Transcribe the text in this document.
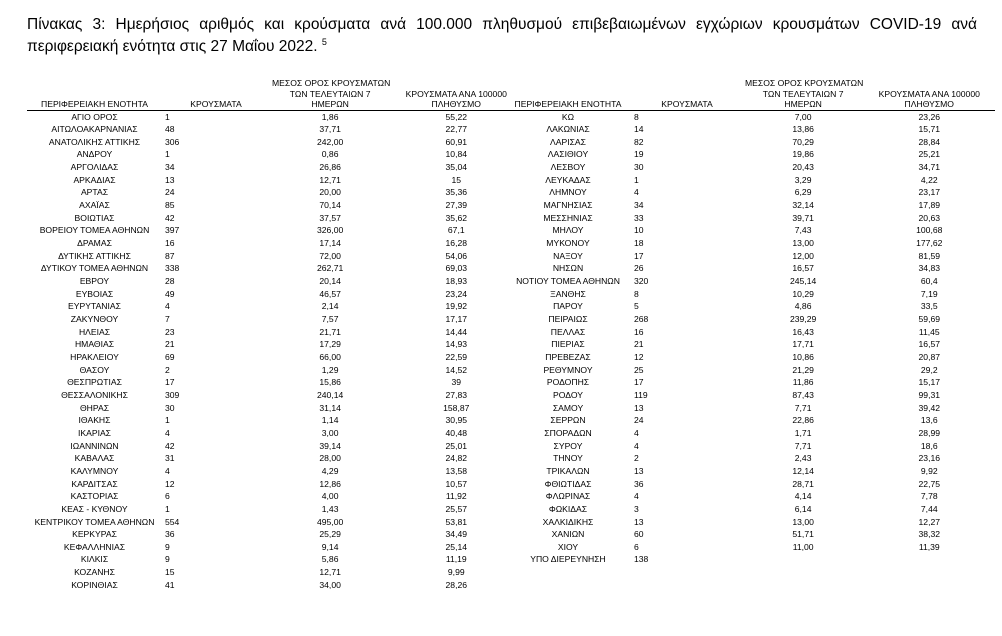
Πίνακας 3: Ημερήσιος αριθμός και κρούσματα ανά 100.000 πληθυσμού επιβεβαιωμένων εγχώριων κρουσμάτων COVID-19 ανά περιφερειακή ενότητα στις 27 Μαΐου 2022. $^5$
		ΜΕΣΟΣ ΟΡΟΣ ΚΡΟΥΣΜΑΤΩΝ	
		ΤΩΝ ΤΕΛΕΥΤΑΙΩΝ 7	ΚΡΟΥΣΜΑΤΑ ΑΝΑ 100000
ΠΕΡΙΦΕΡΕΙΑΚΗ ΕΝΟΤΗΤΑ	ΚΡΟΥΣΜΑΤΑ	ΗΜΕΡΩΝ	ΠΛΗΘΥΣΜΟ
ΑΓΙΟ ΟΡΟΣ	1	1,86	55,22
ΑΙΤΩΛΟΑΚΑΡΝΑΝΙΑΣ	48	37,71	22,77
ΑΝΑΤΟΛΙΚΗΣ ΑΤΤΙΚΗΣ	306	242,00	60,91
ΑΝΔΡΟΥ	1	0,86	10,84
ΑΡΓΟΛΙΔΑΣ	34	26,86	35,04
ΑΡΚΑΔΙΑΣ	13	12,71	15
ΑΡΤΑΣ	24	20,00	35,36
ΑΧΑΪΑΣ	85	70,14	27,39
ΒΟΙΩΤΙΑΣ	42	37,57	35,62
ΒΟΡΕΙΟΥ ΤΟΜΕΑ ΑΘΗΝΩΝ	397	326,00	67,1
ΔΡΑΜΑΣ	16	17,14	16,28
ΔΥΤΙΚΗΣ ΑΤΤΙΚΗΣ	87	72,00	54,06
ΔΥΤΙΚΟΥ ΤΟΜΕΑ ΑΘΗΝΩΝ	338	262,71	69,03
ΕΒΡΟΥ	28	20,14	18,93
ΕΥΒΟΙΑΣ	49	46,57	23,24
ΕΥΡΥΤΑΝΙΑΣ	4	2,14	19,92
ΖΑΚΥΝΘΟΥ	7	7,57	17,17
ΗΛΕΙΑΣ	23	21,71	14,44
ΗΜΑΘΙΑΣ	21	17,29	14,93
ΗΡΑΚΛΕΙΟΥ	69	66,00	22,59
ΘΑΣΟΥ	2	1,29	14,52
ΘΕΣΠΡΩΤΙΑΣ	17	15,86	39
ΘΕΣΣΑΛΟΝΙΚΗΣ	309	240,14	27,83
ΘΗΡΑΣ	30	31,14	158,87
ΙΘΑΚΗΣ	1	1,14	30,95
ΙΚΑΡΙΑΣ	4	3,00	40,48
ΙΩΑΝΝΙΝΩΝ	42	39,14	25,01
ΚΑΒΑΛΑΣ	31	28,00	24,82
ΚΑΛΥΜΝΟΥ	4	4,29	13,58
ΚΑΡΔΙΤΣΑΣ	12	12,86	10,57
ΚΑΣΤΟΡΙΑΣ	6	4,00	11,92
ΚΕΑΣ - ΚΥΘΝΟΥ	1	1,43	25,57
ΚΕΝΤΡΙΚΟΥ ΤΟΜΕΑ ΑΘΗΝΩΝ	554	495,00	53,81
ΚΕΡΚΥΡΑΣ	36	25,29	34,49
ΚΕΦΑΛΛΗΝΙΑΣ	9	9,14	25,14
ΚΙΛΚΙΣ	9	5,86	11,19
ΚΟΖΑΝΗΣ	15	12,71	9,99
ΚΟΡΙΝΘΙΑΣ	41	34,00	28,26
		ΜΕΣΟΣ ΟΡΟΣ ΚΡΟΥΣΜΑΤΩΝ	
		ΤΩΝ ΤΕΛΕΥΤΑΙΩΝ 7	ΚΡΟΥΣΜΑΤΑ ΑΝΑ 100000
ΠΕΡΙΦΕΡΕΙΑΚΗ ΕΝΟΤΗΤΑ	ΚΡΟΥΣΜΑΤΑ	ΗΜΕΡΩΝ	ΠΛΗΘΥΣΜΟ
ΚΩ	8	7,00	23,26
ΛΑΚΩΝΙΑΣ	14	13,86	15,71
ΛΑΡΙΣΑΣ	82	70,29	28,84
ΛΑΣΙΘΙΟΥ	19	19,86	25,21
ΛΕΣΒΟΥ	30	20,43	34,71
ΛΕΥΚΑΔΑΣ	1	3,29	4,22
ΛΗΜΝΟΥ	4	6,29	23,17
ΜΑΓΝΗΣΙΑΣ	34	32,14	17,89
ΜΕΣΣΗΝΙΑΣ	33	39,71	20,63
ΜΗΛΟΥ	10	7,43	100,68
ΜΥΚΟΝΟΥ	18	13,00	177,62
ΝΑΞΟΥ	17	12,00	81,59
ΝΗΣΩΝ	26	16,57	34,83
ΝΟΤΙΟΥ ΤΟΜΕΑ ΑΘΗΝΩΝ	320	245,14	60,4
ΞΑΝΘΗΣ	8	10,29	7,19
ΠΑΡΟΥ	5	4,86	33,5
ΠΕΙΡΑΙΩΣ	268	239,29	59,69
ΠΕΛΛΑΣ	16	16,43	11,45
ΠΙΕΡΙΑΣ	21	17,71	16,57
ΠΡΕΒΕΖΑΣ	12	10,86	20,87
ΡΕΘΥΜΝΟΥ	25	21,29	29,2
ΡΟΔΟΠΗΣ	17	11,86	15,17
ΡΟΔΟΥ	119	87,43	99,31
ΣΑΜΟΥ	13	7,71	39,42
ΣΕΡΡΩΝ	24	22,86	13,6
ΣΠΟΡΑΔΩΝ	4	1,71	28,99
ΣΥΡΟΥ	4	7,71	18,6
ΤΗΝΟΥ	2	2,43	23,16
ΤΡΙΚΑΛΩΝ	13	12,14	9,92
ΦΘΙΩΤΙΔΑΣ	36	28,71	22,75
ΦΛΩΡΙΝΑΣ	4	4,14	7,78
ΦΩΚΙΔΑΣ	3	6,14	7,44
ΧΑΛΚΙΔΙΚΗΣ	13	13,00	12,27
ΧΑΝΙΩΝ	60	51,71	38,32
ΧΙΟΥ	6	11,00	11,39
ΥΠΟ ΔΙΕΡΕΥΝΗΣΗ	138		
